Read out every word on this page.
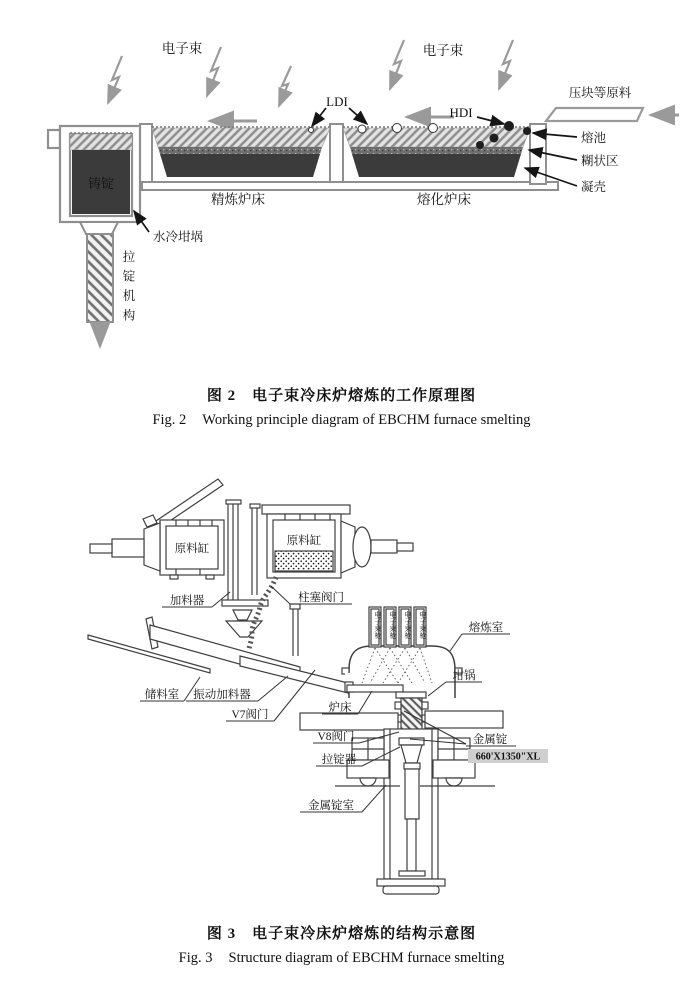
铸锭
电子束	电子束
LDI
HDI
压块等原料
熔池
糊状区
凝壳
精炼炉床	熔化炉床
水冷坩埚
拉锭机构
图 2 电子束冷床炉熔炼的工作原理图
Fig. 2 Working principle diagram of EBCHM furnace smelting
原料缸
原料缸
加料器	柱塞阀门
储料室 振动加料器
V7阀门
电子束枪 电子束枪 电子束枪 电子束枪	熔炼室
坩锅
炉床
V8阀门	金属锭
660'X1350"XL
拉锭器
金属锭室
图 3 电子束冷床炉熔炼的结构示意图
Fig. 3 Structure diagram of EBCHM furnace smelting
